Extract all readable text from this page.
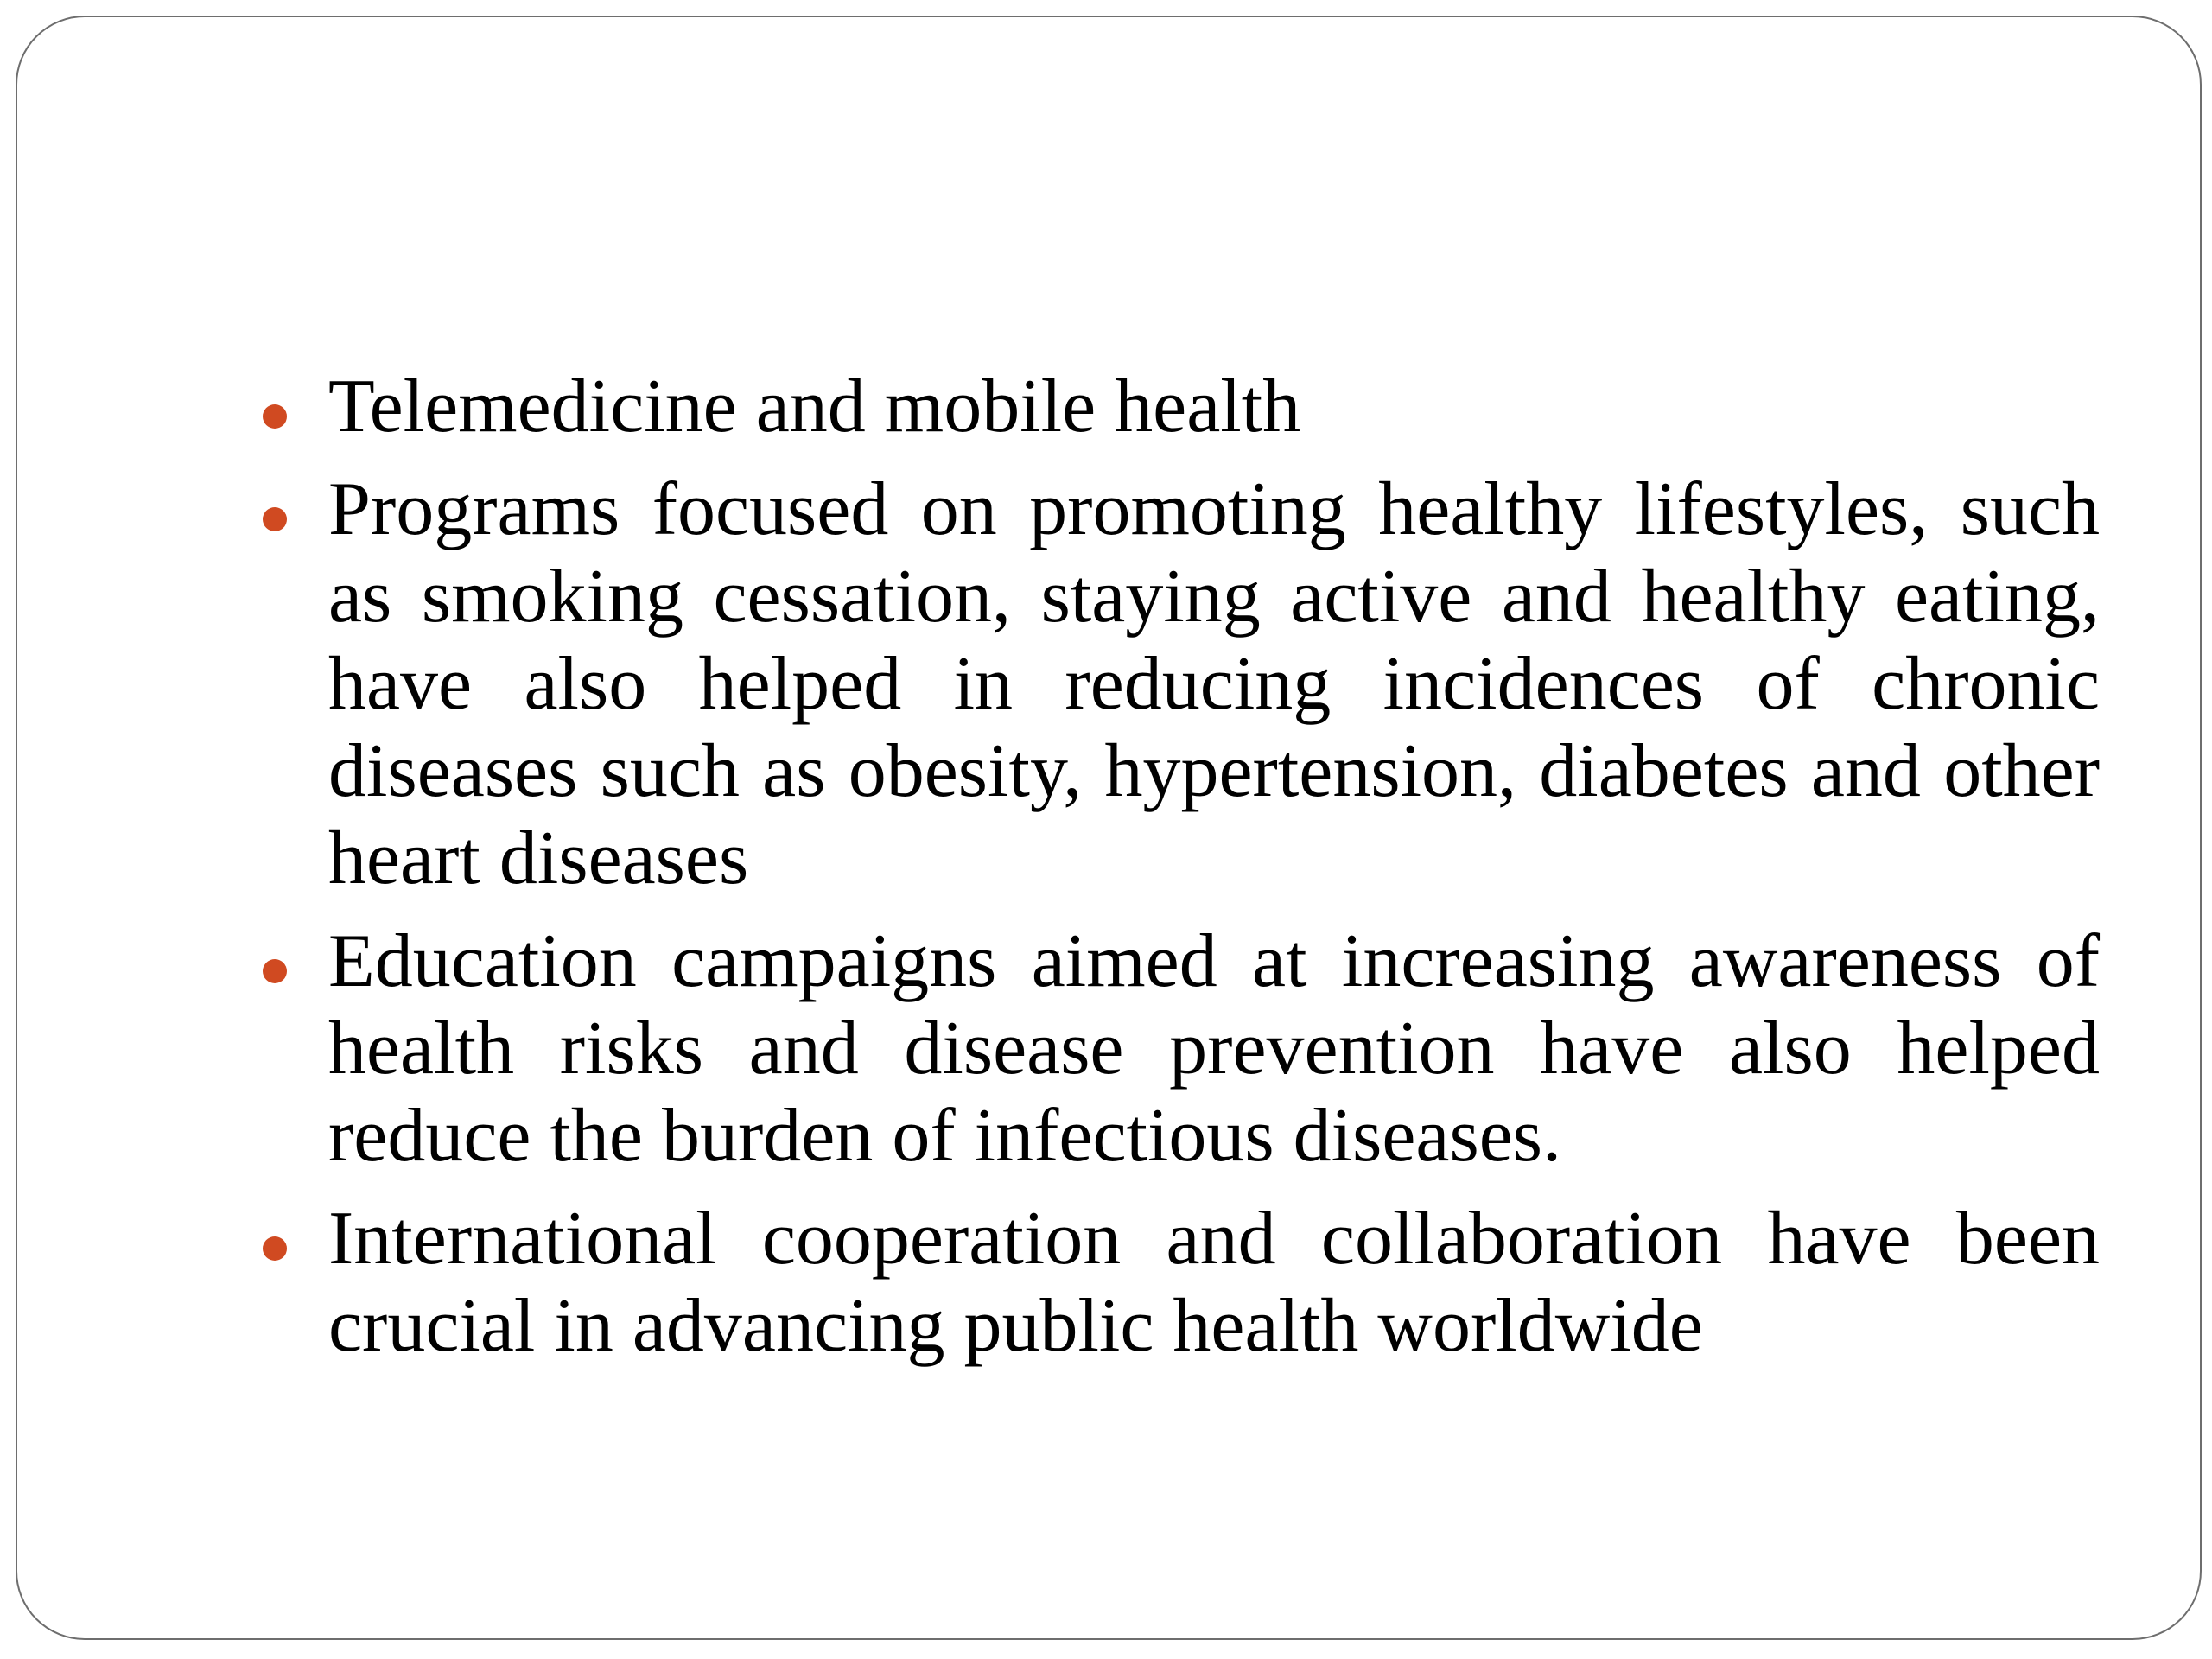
Telemedicine and mobile health
Programs focused on promoting healthy lifestyles, such as smoking cessation, staying active and healthy eating, have also helped in reducing incidences of chronic diseases such as obesity, hypertension, diabetes and other heart diseases
Education campaigns aimed at increasing awareness of health risks and disease prevention have also helped reduce the burden of infectious diseases.
International cooperation and collaboration have been crucial in advancing public health worldwide
